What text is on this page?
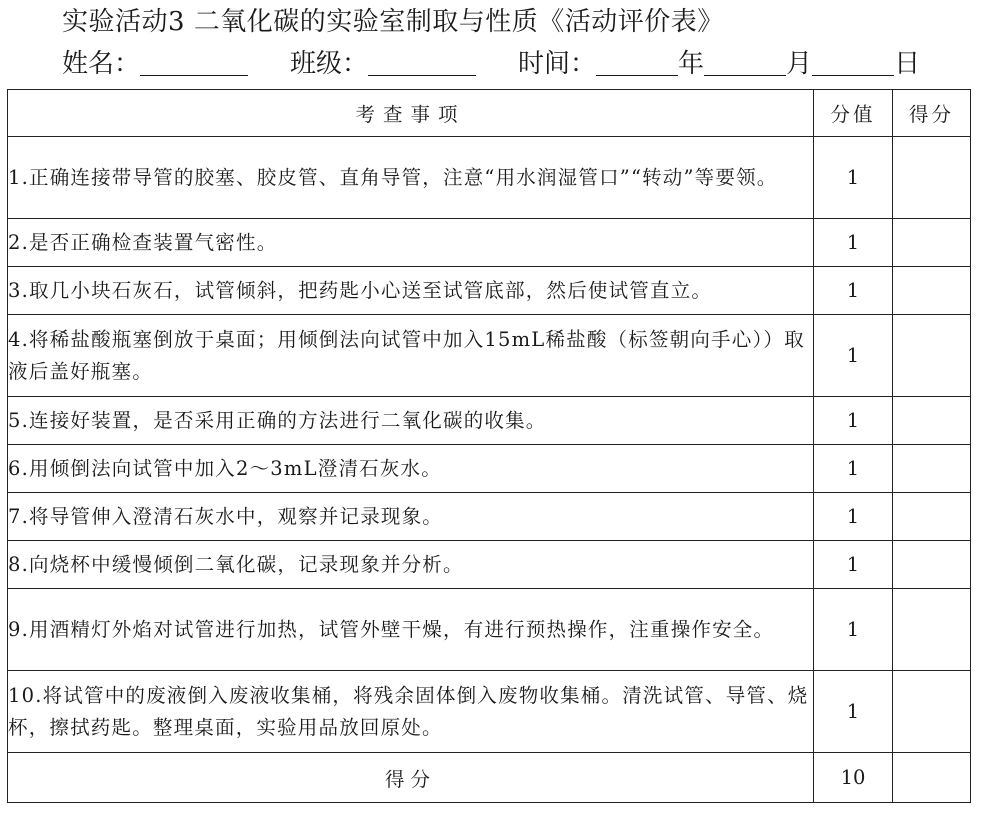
实验活动3 二氧化碳的实验室制取与性质《活动评价表》
姓名：	班级：	时间：	年	月	日
考查事项	分值	得分
1.正确连接带导管的胶塞、胶皮管、直角导管，注意“用水润湿管口”“转动”等要领。	1	
2.是否正确检查装置气密性。	1	
3.取几小块石灰石，试管倾斜，把药匙小心送至试管底部，然后使试管直立。	1	
4.将稀盐酸瓶塞倒放于桌面；用倾倒法向试管中加入15mL稀盐酸（标签朝向手心））取液后盖好瓶塞。	1	
5.连接好装置，是否采用正确的方法进行二氧化碳的收集。	1	
6.用倾倒法向试管中加入2～3mL澄清石灰水。	1	
7.将导管伸入澄清石灰水中，观察并记录现象。	1	
8.向烧杯中缓慢倾倒二氧化碳，记录现象并分析。	1	
9.用酒精灯外焰对试管进行加热，试管外壁干燥，有进行预热操作，注重操作安全。	1	
10.将试管中的废液倒入废液收集桶，将残余固体倒入废物收集桶。清洗试管、导管、烧杯，擦拭药匙。整理桌面，实验用品放回原处。	1	
得分	10	
